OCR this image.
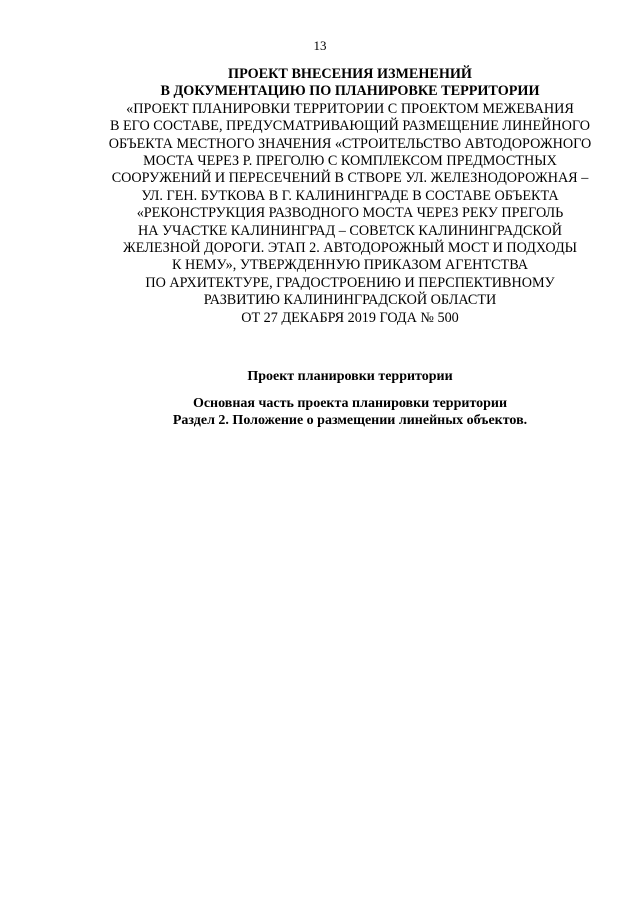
13
ПРОЕКТ ВНЕСЕНИЯ ИЗМЕНЕНИЙ
В ДОКУМЕНТАЦИЮ ПО ПЛАНИРОВКЕ ТЕРРИТОРИИ
«ПРОЕКТ ПЛАНИРОВКИ ТЕРРИТОРИИ С ПРОЕКТОМ МЕЖЕВАНИЯ
В ЕГО СОСТАВЕ, ПРЕДУСМАТРИВАЮЩИЙ РАЗМЕЩЕНИЕ ЛИНЕЙНОГО
ОБЪЕКТА МЕСТНОГО ЗНАЧЕНИЯ «СТРОИТЕЛЬСТВО АВТОДОРОЖНОГО
МОСТА ЧЕРЕЗ Р. ПРЕГОЛЮ С КОМПЛЕКСОМ ПРЕДМОСТНЫХ
СООРУЖЕНИЙ И ПЕРЕСЕЧЕНИЙ В СТВОРЕ УЛ. ЖЕЛЕЗНОДОРОЖНАЯ –
УЛ. ГЕН. БУТКОВА В Г. КАЛИНИНГРАДЕ В СОСТАВЕ ОБЪЕКТА
«РЕКОНСТРУКЦИЯ РАЗВОДНОГО МОСТА ЧЕРЕЗ РЕКУ ПРЕГОЛЬ
НА УЧАСТКЕ КАЛИНИНГРАД – СОВЕТСК КАЛИНИНГРАДСКОЙ
ЖЕЛЕЗНОЙ ДОРОГИ. ЭТАП 2. АВТОДОРОЖНЫЙ МОСТ И ПОДХОДЫ
К НЕМУ», УТВЕРЖДЕННУЮ ПРИКАЗОМ АГЕНТСТВА
ПО АРХИТЕКТУРЕ, ГРАДОСТРОЕНИЮ И ПЕРСПЕКТИВНОМУ
РАЗВИТИЮ КАЛИНИНГРАДСКОЙ ОБЛАСТИ
ОТ 27 ДЕКАБРЯ 2019 ГОДА № 500
Проект планировки территории
Основная часть проекта планировки территории
Раздел 2. Положение о размещении линейных объектов.
